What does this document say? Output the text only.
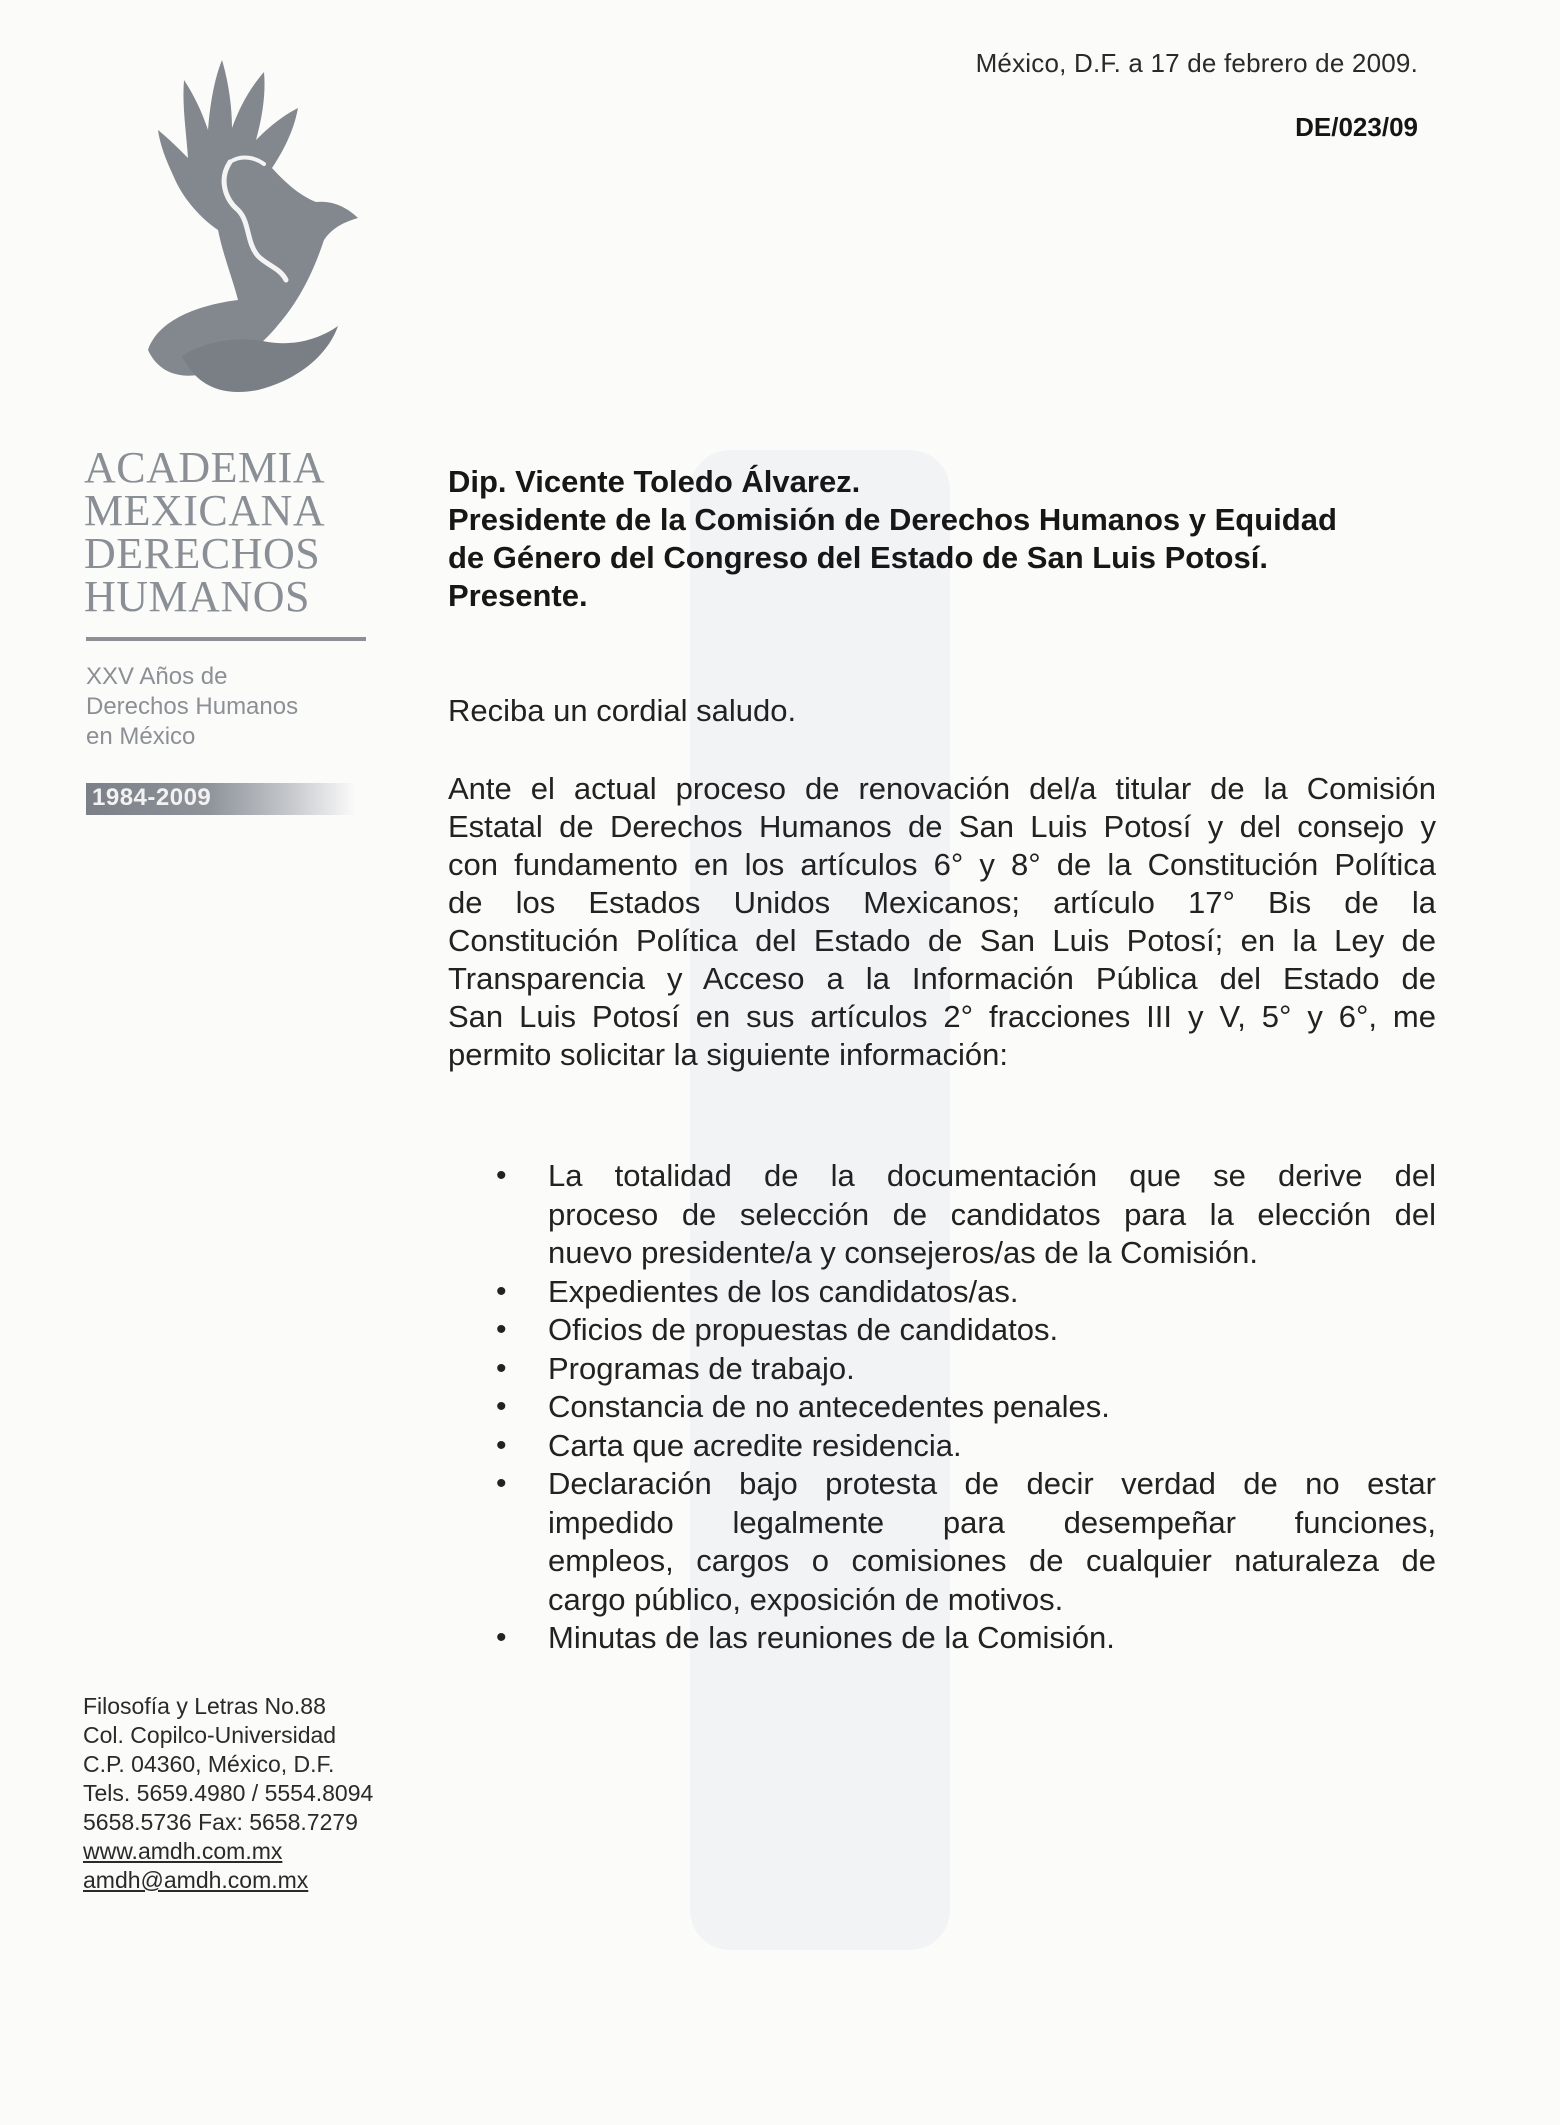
ACADEMIA
MEXICANA
DERECHOS
HUMANOS
XXV Años de
Derechos Humanos
en México
1984-2009
México, D.F. a 17 de febrero de 2009.
DE/023/09
Dip. Vicente Toledo Álvarez.
Presidente de la Comisión de Derechos Humanos y Equidad
de Género del Congreso del Estado de San Luis Potosí.
Presente.
Reciba un cordial saludo.
Ante el actual proceso de renovación del/a titular de la Comisión
Estatal de Derechos Humanos de San Luis Potosí y del consejo y
con fundamento en los artículos 6° y 8° de la Constitución Política
de los Estados Unidos Mexicanos; artículo 17° Bis de la
Constitución Política del Estado de San Luis Potosí; en la Ley de
Transparencia y Acceso a la Información Pública del Estado de
San Luis Potosí en sus artículos 2° fracciones III y V, 5° y 6°, me
permito solicitar la siguiente información:
• La totalidad de la documentación que se derive del
proceso de selección de candidatos para la elección del
nuevo presidente/a y consejeros/as de la Comisión.
• Expedientes de los candidatos/as.
• Oficios de propuestas de candidatos.
• Programas de trabajo.
• Constancia de no antecedentes penales.
• Carta que acredite residencia.
• Declaración bajo protesta de decir verdad de no estar
impedido legalmente para desempeñar funciones,
empleos, cargos o comisiones de cualquier naturaleza de
cargo público, exposición de motivos.
• Minutas de las reuniones de la Comisión.
Filosofía y Letras No.88
Col. Copilco-Universidad
C.P. 04360, México, D.F.
Tels. 5659.4980 / 5554.8094
5658.5736 Fax: 5658.7279
www.amdh.com.mx
amdh@amdh.com.mx
